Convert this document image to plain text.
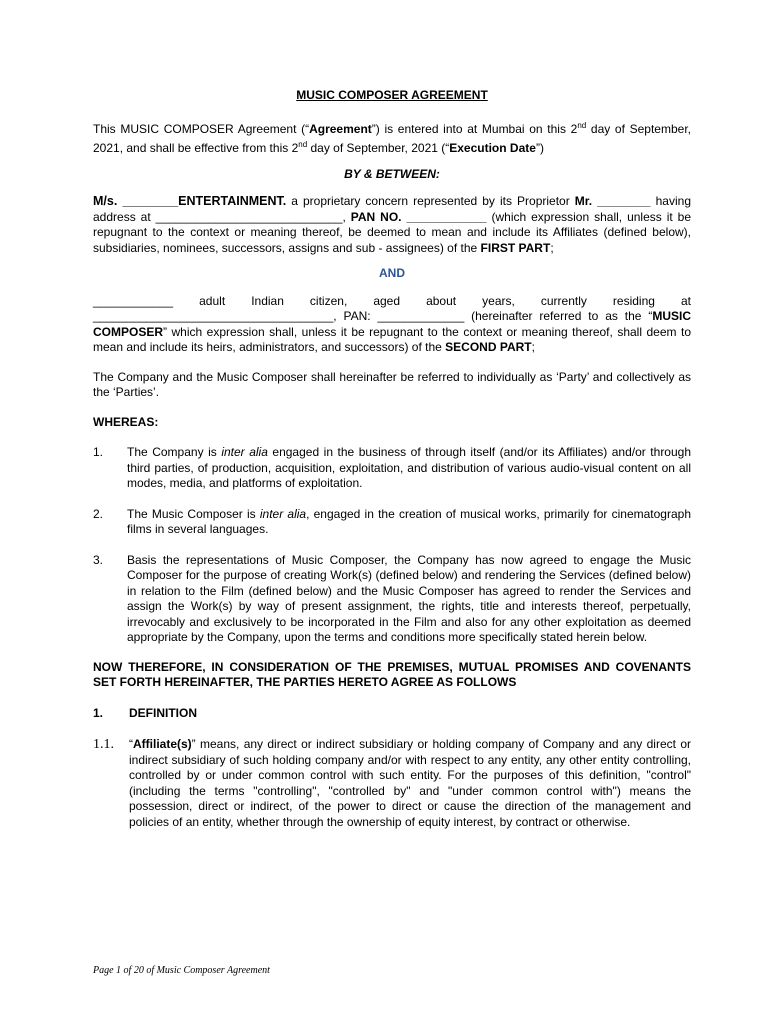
MUSIC COMPOSER AGREEMENT

This MUSIC COMPOSER Agreement (“Agreement”) is entered into at Mumbai on this 2nd day of September, 2021, and shall be effective from this 2nd day of September, 2021 (“Execution Date”)

BY & BETWEEN:

M/s. ________ENTERTAINMENT. a proprietary concern represented by its Proprietor Mr. ________ having address at ____________________________, PAN NO. ____________ (which expression shall, unless it be repugnant to the context or meaning thereof, be deemed to mean and include its Affiliates (defined below), subsidiaries, nominees, successors, assigns and sub - assignees) of the FIRST PART;

AND

____________ adult Indian citizen, aged about years, currently residing at ____________________________________, PAN: _____________ (hereinafter referred to as the “MUSIC COMPOSER” which expression shall, unless it be repugnant to the context or meaning thereof, shall deem to mean and include its heirs, administrators, and successors) of the SECOND PART;

The Company and the Music Composer shall hereinafter be referred to individually as ‘Party’ and collectively as the ‘Parties’.

WHEREAS:

1.	The Company is inter alia engaged in the business of through itself (and/or its Affiliates) and/or through third parties, of production, acquisition, exploitation, and distribution of various audio-visual content on all modes, media, and platforms of exploitation.
2.	The Music Composer is inter alia, engaged in the creation of musical works, primarily for cinematograph films in several languages.
3.	Basis the representations of Music Composer, the Company has now agreed to engage the Music Composer for the purpose of creating Work(s) (defined below) and rendering the Services (defined below) in relation to the Film (defined below) and the Music Composer has agreed to render the Services and assign the Work(s) by way of present assignment, the rights, title and interests thereof, perpetually, irrevocably and exclusively to be incorporated in the Film and also for any other exploitation as deemed appropriate by the Company, upon the terms and conditions more specifically stated herein below.

NOW THEREFORE, IN CONSIDERATION OF THE PREMISES, MUTUAL PROMISES AND COVENANTS SET FORTH HEREINAFTER, THE PARTIES HERETO AGREE AS FOLLOWS

1.	DEFINITION
1.1.	“Affiliate(s)” means, any direct or indirect subsidiary or holding company of Company and any direct or indirect subsidiary of such holding company and/or with respect to any entity, any other entity controlling, controlled by or under common control with such entity. For the purposes of this definition, "control" (including the terms "controlling", "controlled by" and "under common control with") means the possession, direct or indirect, of the power to direct or cause the direction of the management and policies of an entity, whether through the ownership of equity interest, by contract or otherwise.
Page 1 of 20 of Music Composer Agreement
